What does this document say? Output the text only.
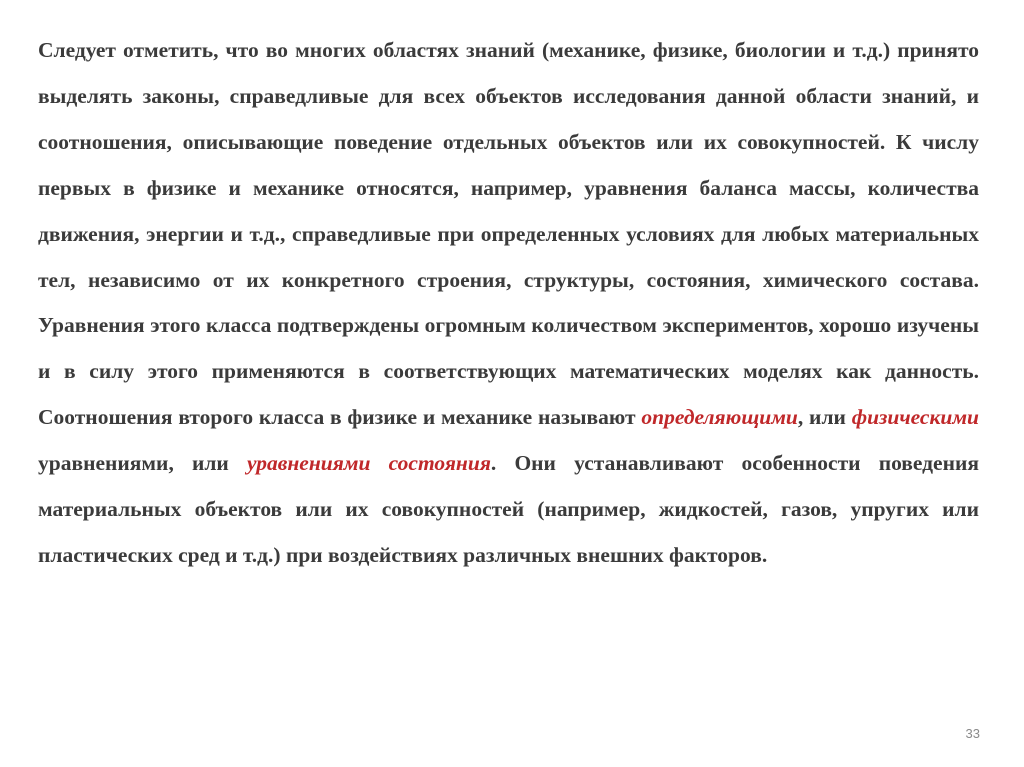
Следует отметить, что во многих областях знаний (механике, физике, биологии и т.д.) принято выделять законы, справедливые для всех объектов исследования данной области знаний, и соотношения, описывающие поведение отдельных объектов или их совокупностей. К числу первых в физике и механике относятся, например, уравнения баланса массы, количества движения, энергии и т.д., справедливые при определенных условиях для любых материальных тел, независимо от их конкретного строения, структуры, состояния, химического состава. Уравнения этого класса подтверждены огромным количеством экспериментов, хорошо изучены и в силу этого применяются в соответствующих математических моделях как данность. Соотношения второго класса в физике и механике называют определяющими, или физическими уравнениями, или уравнениями состояния. Они устанавливают особенности поведения материальных объектов или их совокупностей (например, жидкостей, газов, упругих или пластических сред и т.д.) при воздействиях различных внешних факторов.

33
